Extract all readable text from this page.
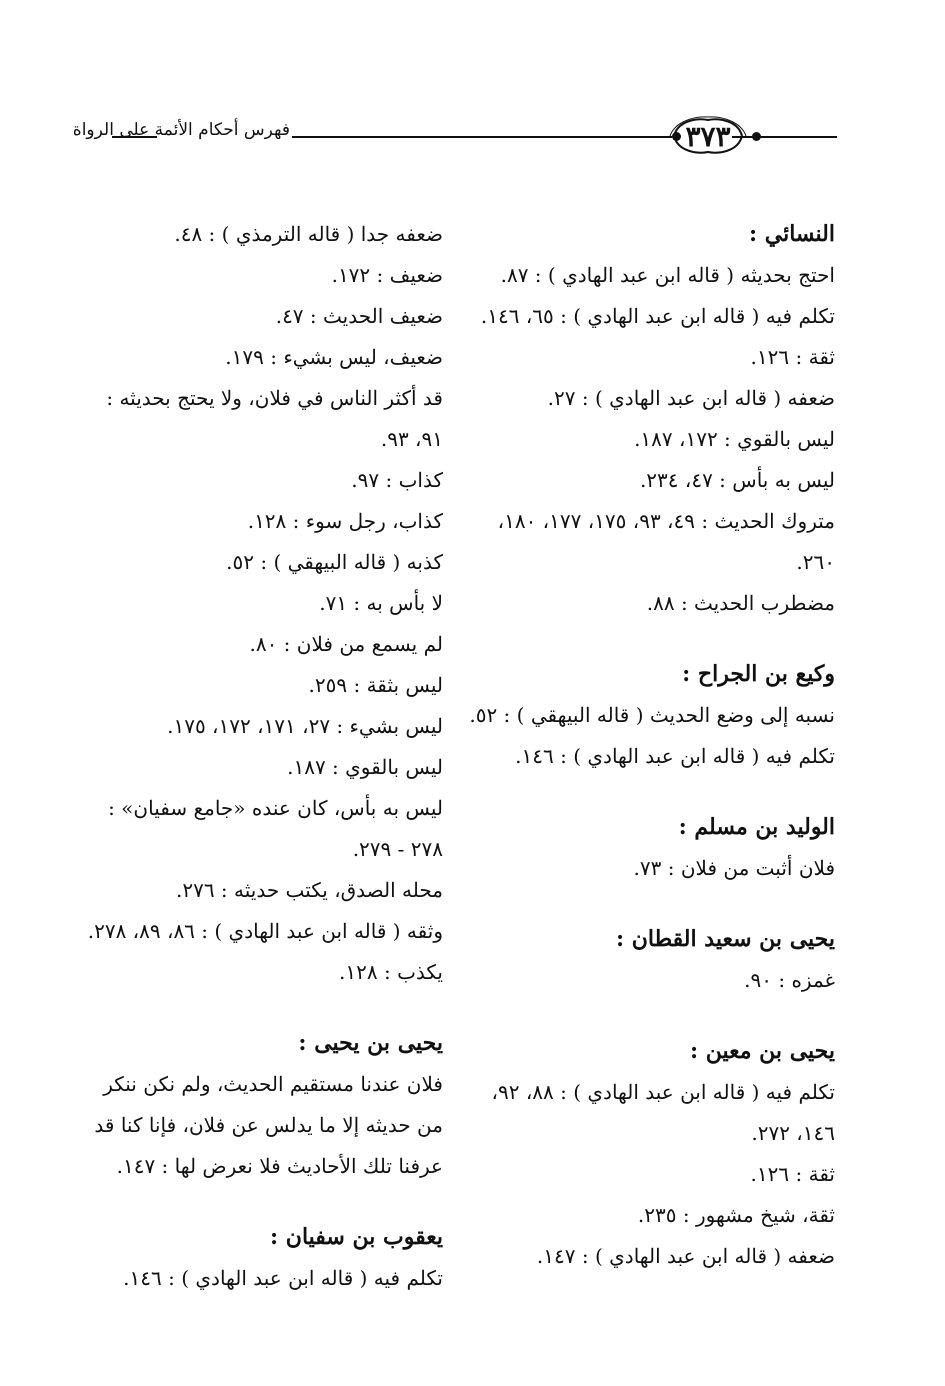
فهرس أحكام الأئمة على الرواة	٣٧٣
النسائي :
احتج بحديثه ( قاله ابن عبد الهادي ) : ٨٧.
تكلم فيه ( قاله ابن عبد الهادي ) : ٦٥، ١٤٦.
ثقة : ١٢٦.
ضعفه ( قاله ابن عبد الهادي ) : ٢٧.
ليس بالقوي : ١٧٢، ١٨٧.
ليس به بأس : ٤٧، ٢٣٤.
متروك الحديث : ٤٩، ٩٣، ١٧٥، ١٧٧، ١٨٠، ٢٦٠.
مضطرب الحديث : ٨٨.
وكيع بن الجراح :
نسبه إلى وضع الحديث ( قاله البيهقي ) : ٥٢.
تكلم فيه ( قاله ابن عبد الهادي ) : ١٤٦.
الوليد بن مسلم :
فلان أثبت من فلان : ٧٣.
يحيى بن سعيد القطان :
غمزه : ٩٠.
يحيى بن معين :
تكلم فيه ( قاله ابن عبد الهادي ) : ٨٨، ٩٢، ١٤٦، ٢٧٢.
ثقة : ١٢٦.
ثقة، شيخ مشهور : ٢٣٥.
ضعفه ( قاله ابن عبد الهادي ) : ١٤٧.
ضعفه جدا ( قاله الترمذي ) : ٤٨.
ضعيف : ١٧٢.
ضعيف الحديث : ٤٧.
ضعيف، ليس بشيء : ١٧٩.
قد أكثر الناس في فلان، ولا يحتج بحديثه : ٩١، ٩٣.
كذاب : ٩٧.
كذاب، رجل سوء : ١٢٨.
كذبه ( قاله البيهقي ) : ٥٢.
لا بأس به : ٧١.
لم يسمع من فلان : ٨٠.
ليس بثقة : ٢٥٩.
ليس بشيء : ٢٧، ١٧١، ١٧٢، ١٧٥.
ليس بالقوي : ١٨٧.
ليس به بأس، كان عنده «جامع سفيان» : ٢٧٨ - ٢٧٩.
محله الصدق، يكتب حديثه : ٢٧٦.
وثقه ( قاله ابن عبد الهادي ) : ٨٦، ٨٩، ٢٧٨.
يكذب : ١٢٨.
يحيى بن يحيى :
فلان عندنا مستقيم الحديث، ولم نكن ننكر من حديثه إلا ما يدلس عن فلان، فإنا كنا قد عرفنا تلك الأحاديث فلا نعرض لها : ١٤٧.
يعقوب بن سفيان :
تكلم فيه ( قاله ابن عبد الهادي ) : ١٤٦.
